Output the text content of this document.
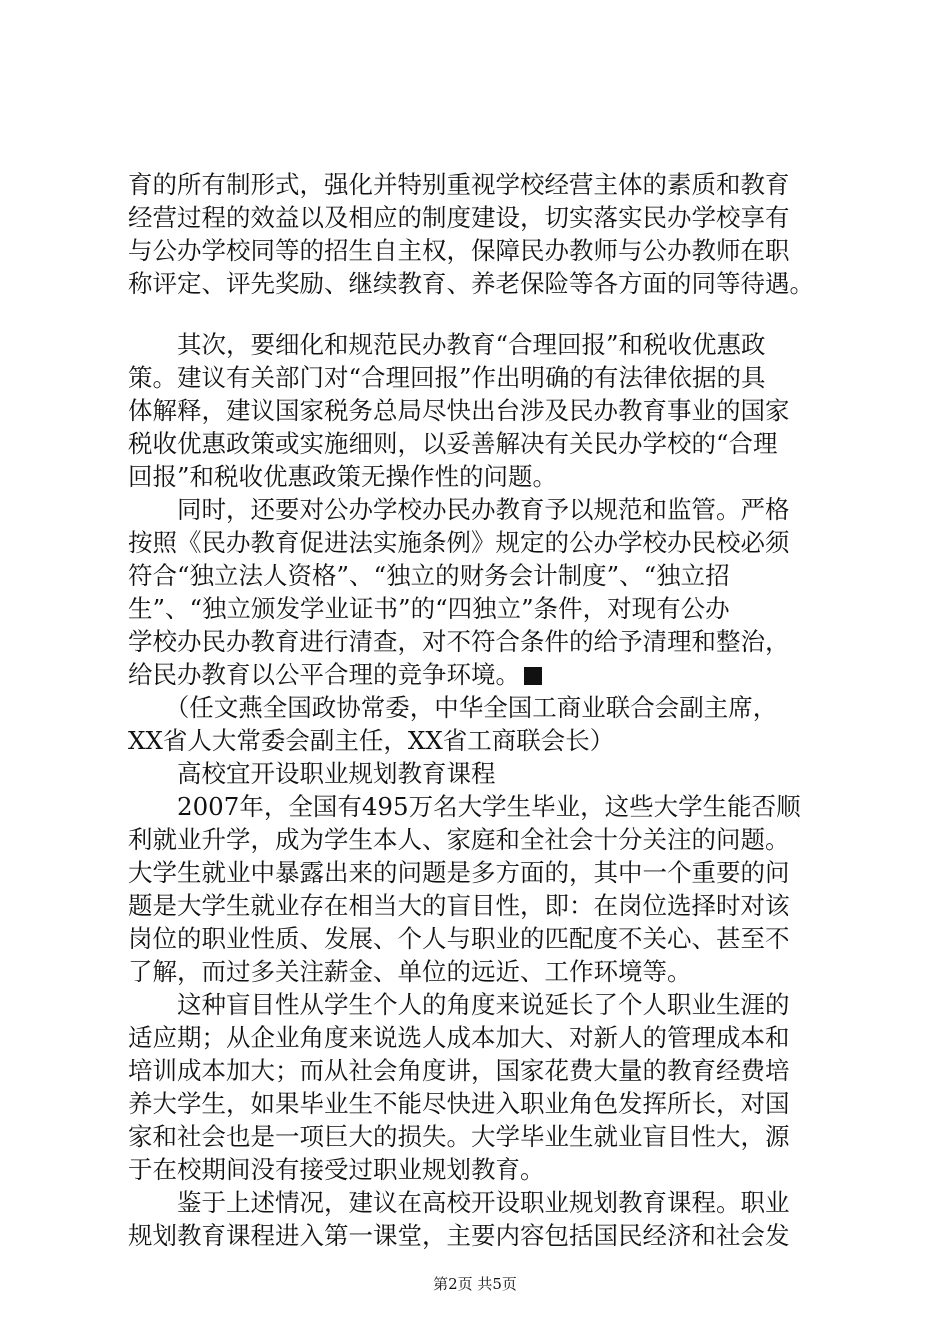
育的所有制形式，强化并特别重视学校经营主体的素质和教育
经营过程的效益以及相应的制度建设，切实落实民办学校享有
与公办学校同等的招生自主权，保障民办教师与公办教师在职
称评定、评先奖励、继续教育、养老保险等各方面的同等待遇。
　　其次，要细化和规范民办教育“合理回报”和税收优惠政
策。建议有关部门对“合理回报”作出明确的有法律依据的具
体解释，建议国家税务总局尽快出台涉及民办教育事业的国家
税收优惠政策或实施细则，以妥善解决有关民办学校的“合理
回报”和税收优惠政策无操作性的问题。
　　同时，还要对公办学校办民办教育予以规范和监管。严格
按照《民办教育促进法实施条例》规定的公办学校办民校必须
符合“独立法人资格”、“独立的财务会计制度”、“独立招
生”、“独立颁发学业证书”的“四独立”条件，对现有公办
学校办民办教育进行清查，对不符合条件的给予清理和整治，
给民办教育以公平合理的竞争环境。
　　（任文燕全国政协常委，中华全国工商业联合会副主席，
XX省人大常委会副主任，XX省工商联会长）
　　高校宜开设职业规划教育课程
　　2007年，全国有495万名大学生毕业，这些大学生能否顺
利就业升学，成为学生本人、家庭和全社会十分关注的问题。
大学生就业中暴露出来的问题是多方面的，其中一个重要的问
题是大学生就业存在相当大的盲目性，即：在岗位选择时对该
岗位的职业性质、发展、个人与职业的匹配度不关心、甚至不
了解，而过多关注薪金、单位的远近、工作环境等。
　　这种盲目性从学生个人的角度来说延长了个人职业生涯的
适应期；从企业角度来说选人成本加大、对新人的管理成本和
培训成本加大；而从社会角度讲，国家花费大量的教育经费培
养大学生，如果毕业生不能尽快进入职业角色发挥所长，对国
家和社会也是一项巨大的损失。大学毕业生就业盲目性大，源
于在校期间没有接受过职业规划教育。
　　鉴于上述情况，建议在高校开设职业规划教育课程。职业
规划教育课程进入第一课堂，主要内容包括国民经济和社会发
第2页 共5页
